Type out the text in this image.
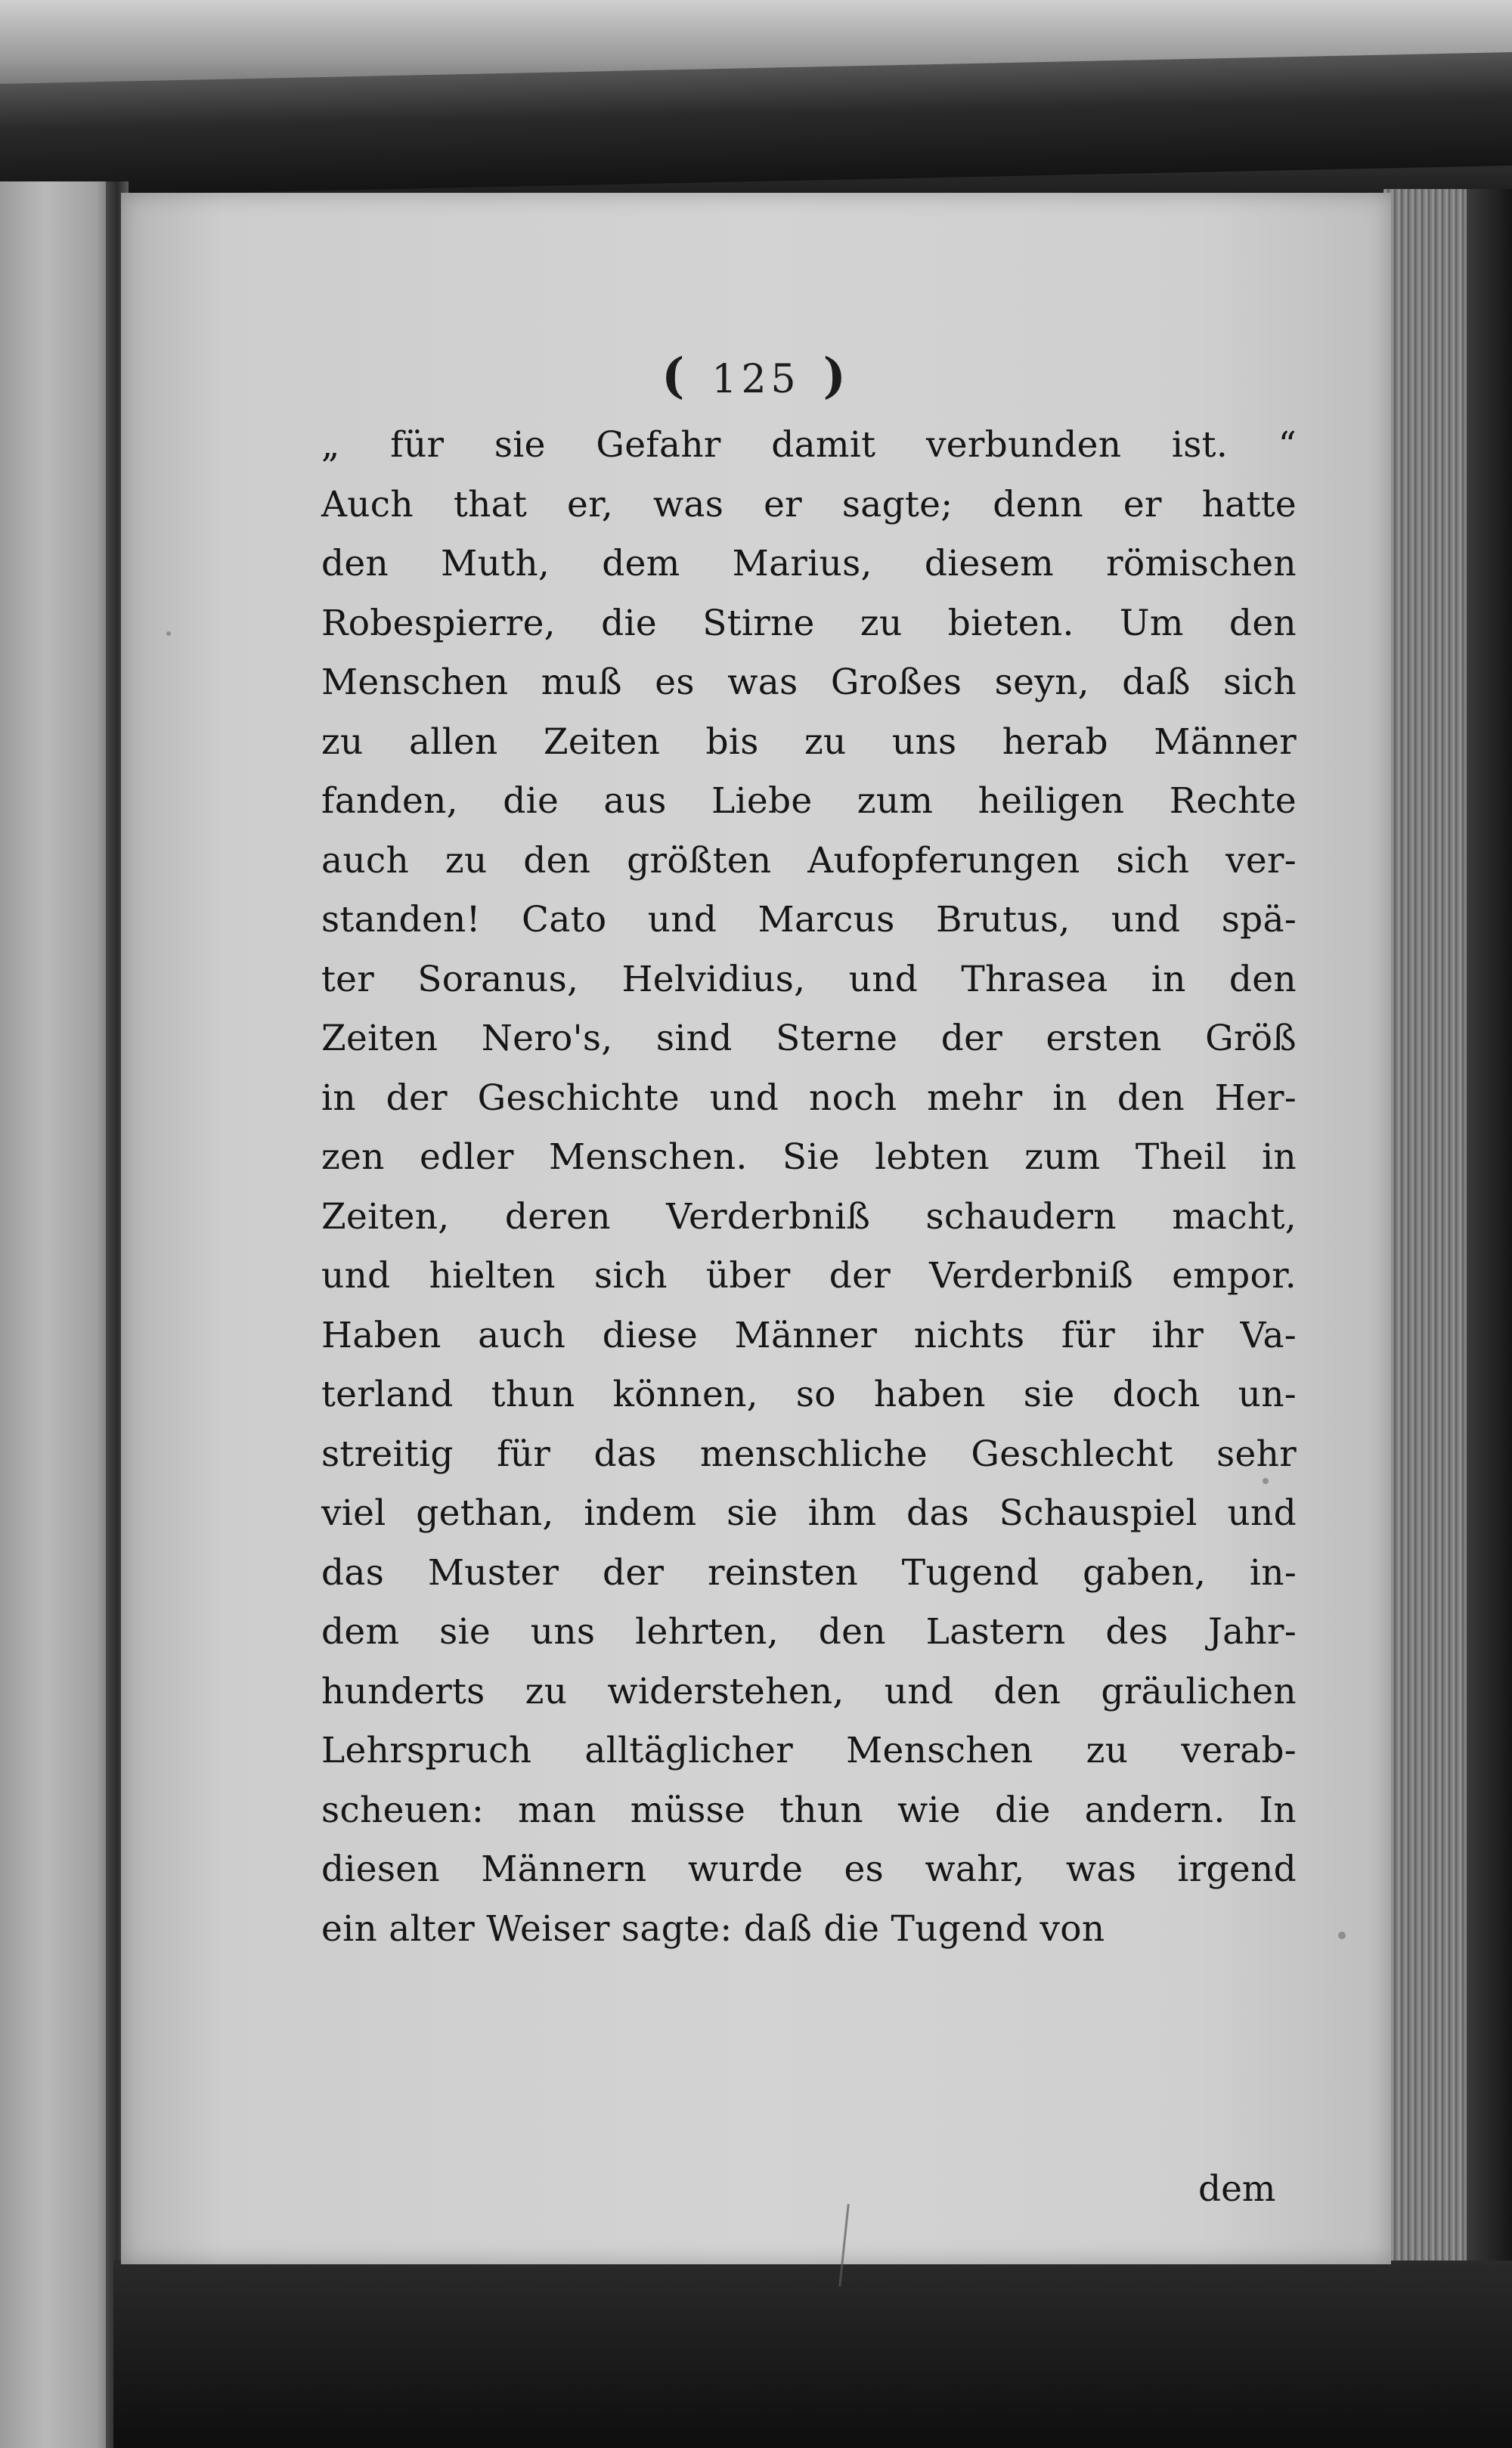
( 125 )
„ für sie Gefahr damit verbunden ist. “
Auch that er, was er sagte; denn er hatte
den Muth, dem Marius, diesem römischen
Robespierre, die Stirne zu bieten. Um den
Menschen muß es was Großes seyn, daß sich
zu allen Zeiten bis zu uns herab Männer
fanden, die aus Liebe zum heiligen Rechte
auch zu den größten Aufopferungen sich ver-
standen! Cato und Marcus Brutus, und spä-
ter Soranus, Helvidius, und Thrasea in den
Zeiten Nero's, sind Sterne der ersten Größ
in der Geschichte und noch mehr in den Her-
zen edler Menschen. Sie lebten zum Theil in
Zeiten, deren Verderbniß schaudern macht,
und hielten sich über der Verderbniß empor.
Haben auch diese Männer nichts für ihr Va-
terland thun können, so haben sie doch un-
streitig für das menschliche Geschlecht sehr
viel gethan, indem sie ihm das Schauspiel und
das Muster der reinsten Tugend gaben, in-
dem sie uns lehrten, den Lastern des Jahr-
hunderts zu widerstehen, und den gräulichen
Lehrspruch alltäglicher Menschen zu verab-
scheuen: man müsse thun wie die andern. In
diesen Männern wurde es wahr, was irgend
ein alter Weiser sagte: daß die Tugend von
dem
